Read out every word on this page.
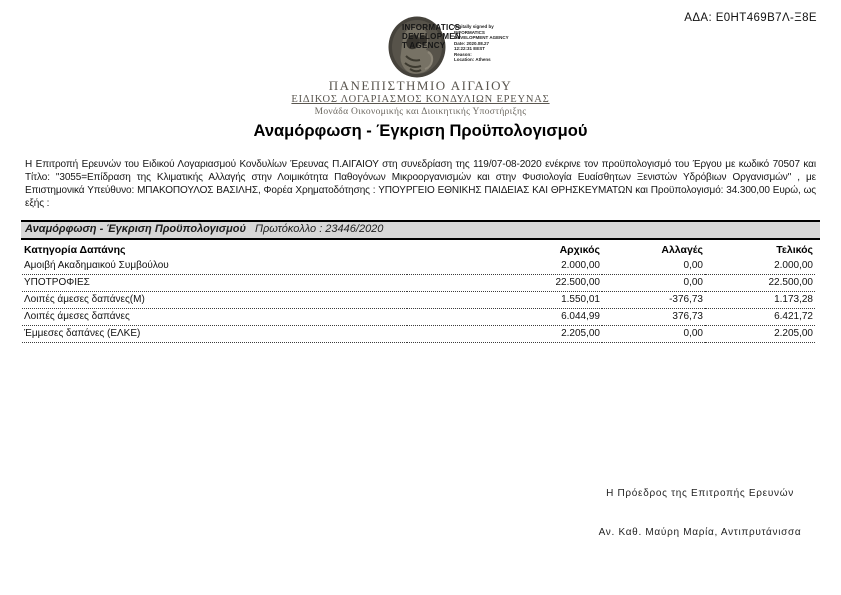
ΑΔΑ: Ε0ΗΤ469Β7Λ-Ξ8Ε
INFORMATICS
DEVELOPMEN
T AGENCY
Digitally signed by
INFORMATICS
DEVELOPMENT AGENCY
Date: 2020.08.27
12:22:31 EEST
Reason:
Location: Athens
ΠΑΝΕΠΙΣΤΗΜΙΟ ΑΙΓΑΙΟΥ
ΕΙΔΙΚΟΣ ΛΟΓΑΡΙΑΣΜΟΣ ΚΟΝΔΥΛΙΩΝ ΕΡΕΥΝΑΣ
Μονάδα Οικονομικής και Διοικητικής Υποστήριξης
Αναμόρφωση - Έγκριση Προϋπολογισμού
Η Επιτροπή Ερευνών του Ειδικού Λογαριασμού Κονδυλίων Έρευνας Π.ΑΙΓΑΙΟΥ στη συνεδρίαση της 119/07-08-2020 ενέκρινε τον προϋπολογισμό του Έργου με κωδικό 70507 και Τίτλο: "3055=Επίδραση της Κλιματικής Αλλαγής στην Λοιμικότητα Παθογόνων Μικροοργανισμών και στην Φυσιολογία Ευαίσθητων Ξενιστών Υδρόβιων Οργανισμών" , με Επιστημονικά Υπεύθυνο: ΜΠΑΚΟΠΟΥΛΟΣ ΒΑΣΙΛΗΣ, Φορέα Χρηματοδότησης : ΥΠΟΥΡΓΕΙΟ ΕΘΝΙΚΗΣ ΠΑΙΔΕΙΑΣ ΚΑΙ ΘΡΗΣΚΕΥΜΑΤΩΝ και Προϋπολογισμό: 34.300,00 Ευρώ, ως εξής :
Αναμόρφωση - Έγκριση Προϋπολογισμού Πρωτόκολλο : 23446/2020
Κατηγορία Δαπάνης	Αρχικός	Αλλαγές	Τελικός
Αμοιβή Ακαδημαικού Συμβούλου	2.000,00	0,00	2.000,00
ΥΠΟΤΡΟΦΙΕΣ	22.500,00	0,00	22.500,00
Λοιπές άμεσες δαπάνες(Μ)	1.550,01	-376,73	1.173,28
Λοιπές άμεσες δαπάνες	6.044,99	376,73	6.421,72
Έμμεσες δαπάνες (ΕΛΚΕ)	2.205,00	0,00	2.205,00
Η Πρόεδρος της Επιτροπής Ερευνών
Αν. Καθ. Μαύρη Μαρία, Αντιπρυτάνισσα
